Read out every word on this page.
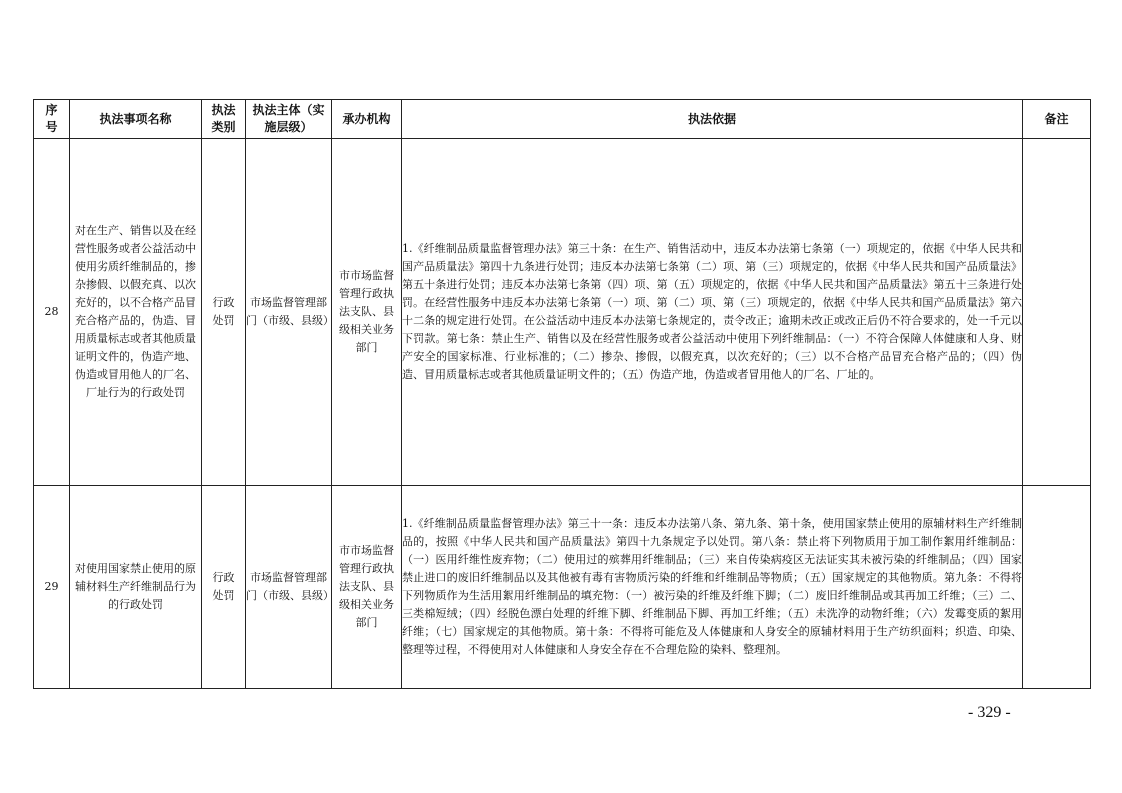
序号	执法事项名称	执法类别	执法主体（实施层级）	承办机构	执法依据	备注
28	对在生产、销售以及在经营性服务或者公益活动中使用劣质纤维制品的，掺杂掺假、以假充真、以次充好的，以不合格产品冒充合格产品的，伪造、冒用质量标志或者其他质量证明文件的，伪造产地、伪造或冒用他人的厂名、厂址行为的行政处罚	行政处罚	市场监督管理部门（市级、县级）	市市场监督管理行政执法支队、县级相关业务部门	1.《纤维制品质量监督管理办法》第三十条：在生产、销售活动中，违反本办法第七条第（一）项规定的，依据《中华人民共和国产品质量法》第四十九条进行处罚；违反本办法第七条第（二）项、第（三）项规定的，依据《中华人民共和国产品质量法》第五十条进行处罚；违反本办法第七条第（四）项、第（五）项规定的，依据《中华人民共和国产品质量法》第五十三条进行处罚。在经营性服务中违反本办法第七条第（一）项、第（二）项、第（三）项规定的，依据《中华人民共和国产品质量法》第六十二条的规定进行处罚。在公益活动中违反本办法第七条规定的，责令改正；逾期未改正或改正后仍不符合要求的，处一千元以下罚款。第七条：禁止生产、销售以及在经营性服务或者公益活动中使用下列纤维制品：（一）不符合保障人体健康和人身、财产安全的国家标准、行业标准的；（二）掺杂、掺假，以假充真，以次充好的；（三）以不合格产品冒充合格产品的；（四）伪造、冒用质量标志或者其他质量证明文件的；（五）伪造产地，伪造或者冒用他人的厂名、厂址的。	
29	对使用国家禁止使用的原辅材料生产纤维制品行为的行政处罚	行政处罚	市场监督管理部门（市级、县级）	市市场监督管理行政执法支队、县级相关业务部门	1.《纤维制品质量监督管理办法》第三十一条：违反本办法第八条、第九条、第十条，使用国家禁止使用的原辅材料生产纤维制品的，按照《中华人民共和国产品质量法》第四十九条规定予以处罚。第八条：禁止将下列物质用于加工制作絮用纤维制品：（一）医用纤维性废弃物；（二）使用过的殡葬用纤维制品；（三）来自传染病疫区无法证实其未被污染的纤维制品；（四）国家禁止进口的废旧纤维制品以及其他被有毒有害物质污染的纤维和纤维制品等物质；（五）国家规定的其他物质。第九条：不得将下列物质作为生活用絮用纤维制品的填充物：（一）被污染的纤维及纤维下脚；（二）废旧纤维制品或其再加工纤维；（三）二、三类棉短绒；（四）经脱色漂白处理的纤维下脚、纤维制品下脚、再加工纤维；（五）未洗净的动物纤维；（六）发霉变质的絮用纤维；（七）国家规定的其他物质。第十条：不得将可能危及人体健康和人身安全的原辅材料用于生产纺织面料；织造、印染、整理等过程，不得使用对人体健康和人身安全存在不合理危险的染料、整理剂。	
- 329 -
